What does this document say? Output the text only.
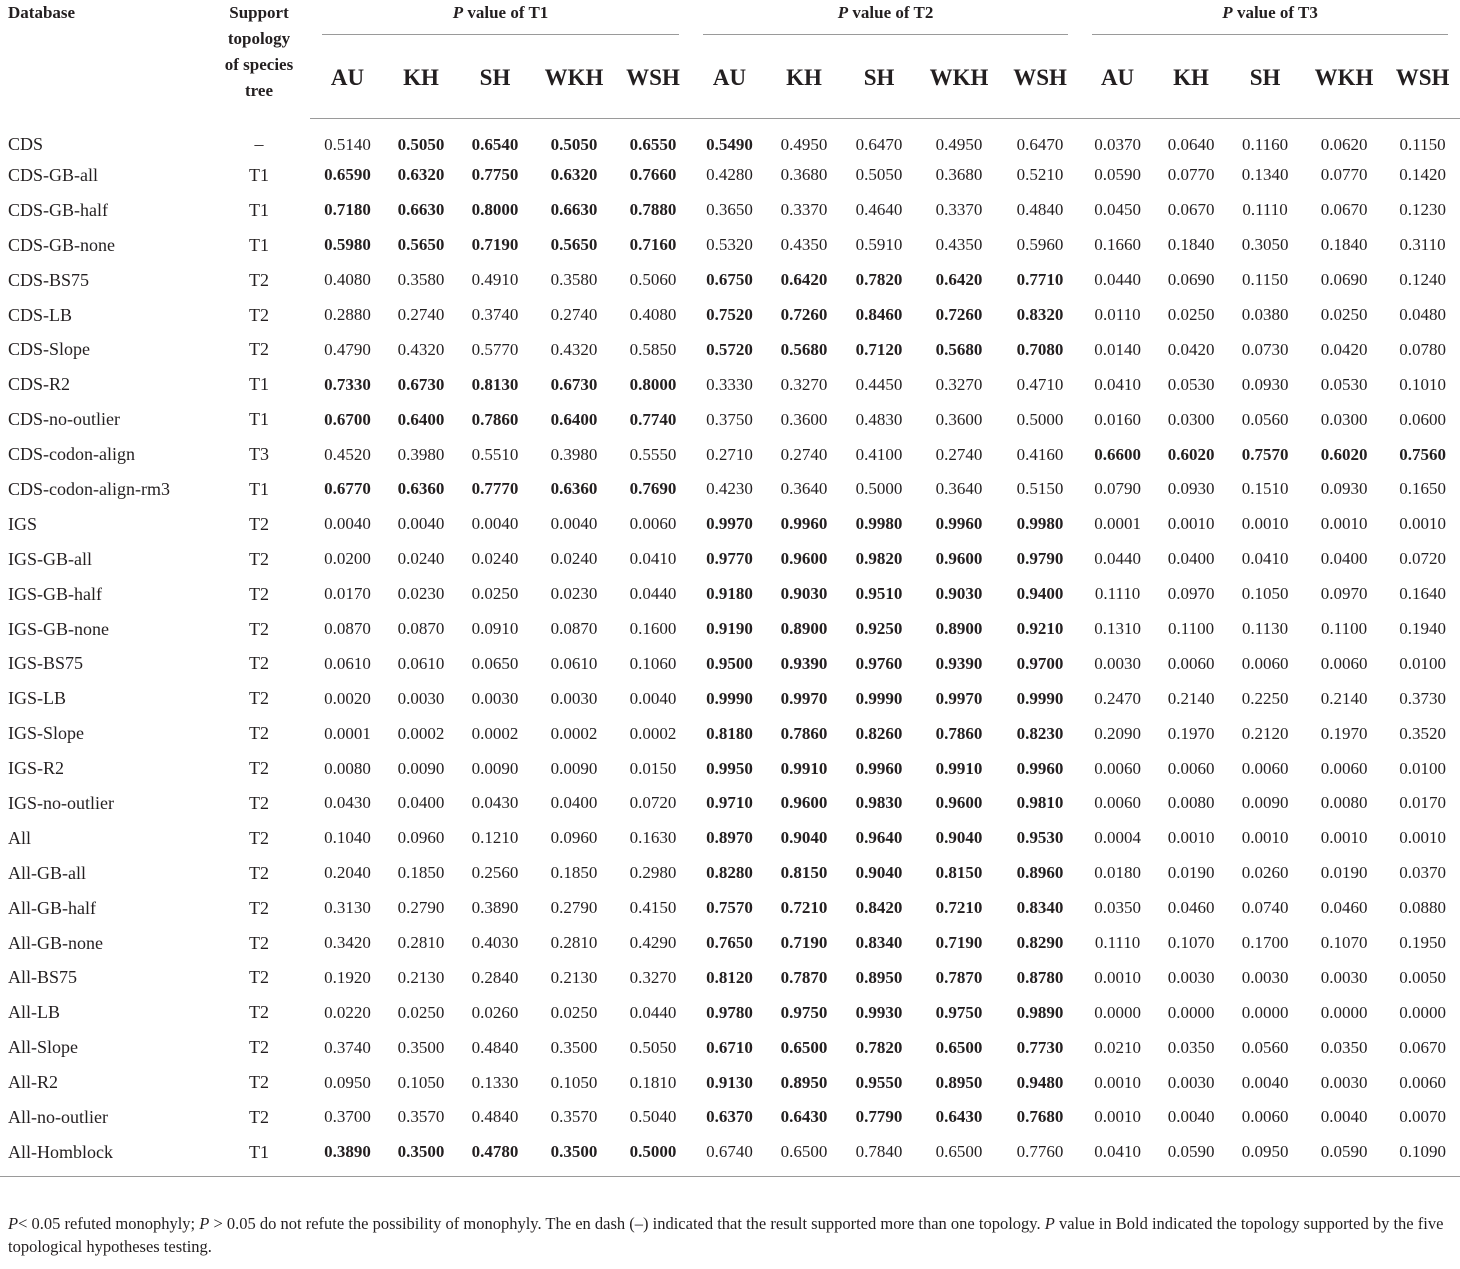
Database	Support
topology
of species
tree	P value of T1					P value of T2					P value of T3				

		AU	KH	SH	WKH	WSH	AU	KH	SH	WKH	WSH	AU	KH	SH	WKH	WSH
CDS	–	0.5140	0.5050	0.6540	0.5050	0.6550	0.5490	0.4950	0.6470	0.4950	0.6470	0.0370	0.0640	0.1160	0.0620	0.1150
CDS-GB-all	T1	0.6590	0.6320	0.7750	0.6320	0.7660	0.4280	0.3680	0.5050	0.3680	0.5210	0.0590	0.0770	0.1340	0.0770	0.1420
CDS-GB-half	T1	0.7180	0.6630	0.8000	0.6630	0.7880	0.3650	0.3370	0.4640	0.3370	0.4840	0.0450	0.0670	0.1110	0.0670	0.1230
CDS-GB-none	T1	0.5980	0.5650	0.7190	0.5650	0.7160	0.5320	0.4350	0.5910	0.4350	0.5960	0.1660	0.1840	0.3050	0.1840	0.3110
CDS-BS75	T2	0.4080	0.3580	0.4910	0.3580	0.5060	0.6750	0.6420	0.7820	0.6420	0.7710	0.0440	0.0690	0.1150	0.0690	0.1240
CDS-LB	T2	0.2880	0.2740	0.3740	0.2740	0.4080	0.7520	0.7260	0.8460	0.7260	0.8320	0.0110	0.0250	0.0380	0.0250	0.0480
CDS-Slope	T2	0.4790	0.4320	0.5770	0.4320	0.5850	0.5720	0.5680	0.7120	0.5680	0.7080	0.0140	0.0420	0.0730	0.0420	0.0780
CDS-R2	T1	0.7330	0.6730	0.8130	0.6730	0.8000	0.3330	0.3270	0.4450	0.3270	0.4710	0.0410	0.0530	0.0930	0.0530	0.1010
CDS-no-outlier	T1	0.6700	0.6400	0.7860	0.6400	0.7740	0.3750	0.3600	0.4830	0.3600	0.5000	0.0160	0.0300	0.0560	0.0300	0.0600
CDS-codon-align	T3	0.4520	0.3980	0.5510	0.3980	0.5550	0.2710	0.2740	0.4100	0.2740	0.4160	0.6600	0.6020	0.7570	0.6020	0.7560
CDS-codon-align-rm3	T1	0.6770	0.6360	0.7770	0.6360	0.7690	0.4230	0.3640	0.5000	0.3640	0.5150	0.0790	0.0930	0.1510	0.0930	0.1650
IGS	T2	0.0040	0.0040	0.0040	0.0040	0.0060	0.9970	0.9960	0.9980	0.9960	0.9980	0.0001	0.0010	0.0010	0.0010	0.0010
IGS-GB-all	T2	0.0200	0.0240	0.0240	0.0240	0.0410	0.9770	0.9600	0.9820	0.9600	0.9790	0.0440	0.0400	0.0410	0.0400	0.0720
IGS-GB-half	T2	0.0170	0.0230	0.0250	0.0230	0.0440	0.9180	0.9030	0.9510	0.9030	0.9400	0.1110	0.0970	0.1050	0.0970	0.1640
IGS-GB-none	T2	0.0870	0.0870	0.0910	0.0870	0.1600	0.9190	0.8900	0.9250	0.8900	0.9210	0.1310	0.1100	0.1130	0.1100	0.1940
IGS-BS75	T2	0.0610	0.0610	0.0650	0.0610	0.1060	0.9500	0.9390	0.9760	0.9390	0.9700	0.0030	0.0060	0.0060	0.0060	0.0100
IGS-LB	T2	0.0020	0.0030	0.0030	0.0030	0.0040	0.9990	0.9970	0.9990	0.9970	0.9990	0.2470	0.2140	0.2250	0.2140	0.3730
IGS-Slope	T2	0.0001	0.0002	0.0002	0.0002	0.0002	0.8180	0.7860	0.8260	0.7860	0.8230	0.2090	0.1970	0.2120	0.1970	0.3520
IGS-R2	T2	0.0080	0.0090	0.0090	0.0090	0.0150	0.9950	0.9910	0.9960	0.9910	0.9960	0.0060	0.0060	0.0060	0.0060	0.0100
IGS-no-outlier	T2	0.0430	0.0400	0.0430	0.0400	0.0720	0.9710	0.9600	0.9830	0.9600	0.9810	0.0060	0.0080	0.0090	0.0080	0.0170
All	T2	0.1040	0.0960	0.1210	0.0960	0.1630	0.8970	0.9040	0.9640	0.9040	0.9530	0.0004	0.0010	0.0010	0.0010	0.0010
All-GB-all	T2	0.2040	0.1850	0.2560	0.1850	0.2980	0.8280	0.8150	0.9040	0.8150	0.8960	0.0180	0.0190	0.0260	0.0190	0.0370
All-GB-half	T2	0.3130	0.2790	0.3890	0.2790	0.4150	0.7570	0.7210	0.8420	0.7210	0.8340	0.0350	0.0460	0.0740	0.0460	0.0880
All-GB-none	T2	0.3420	0.2810	0.4030	0.2810	0.4290	0.7650	0.7190	0.8340	0.7190	0.8290	0.1110	0.1070	0.1700	0.1070	0.1950
All-BS75	T2	0.1920	0.2130	0.2840	0.2130	0.3270	0.8120	0.7870	0.8950	0.7870	0.8780	0.0010	0.0030	0.0030	0.0030	0.0050
All-LB	T2	0.0220	0.0250	0.0260	0.0250	0.0440	0.9780	0.9750	0.9930	0.9750	0.9890	0.0000	0.0000	0.0000	0.0000	0.0000
All-Slope	T2	0.3740	0.3500	0.4840	0.3500	0.5050	0.6710	0.6500	0.7820	0.6500	0.7730	0.0210	0.0350	0.0560	0.0350	0.0670
All-R2	T2	0.0950	0.1050	0.1330	0.1050	0.1810	0.9130	0.8950	0.9550	0.8950	0.9480	0.0010	0.0030	0.0040	0.0030	0.0060
All-no-outlier	T2	0.3700	0.3570	0.4840	0.3570	0.5040	0.6370	0.6430	0.7790	0.6430	0.7680	0.0010	0.0040	0.0060	0.0040	0.0070
All-Homblock	T1	0.3890	0.3500	0.4780	0.3500	0.5000	0.6740	0.6500	0.7840	0.6500	0.7760	0.0410	0.0590	0.0950	0.0590	0.1090
P< 0.05 refuted monophyly; P > 0.05 do not refute the possibility of monophyly. The en dash (–) indicated that the result supported more than one topology. P value in Bold indicated the topology supported by the five topological hypotheses testing.
